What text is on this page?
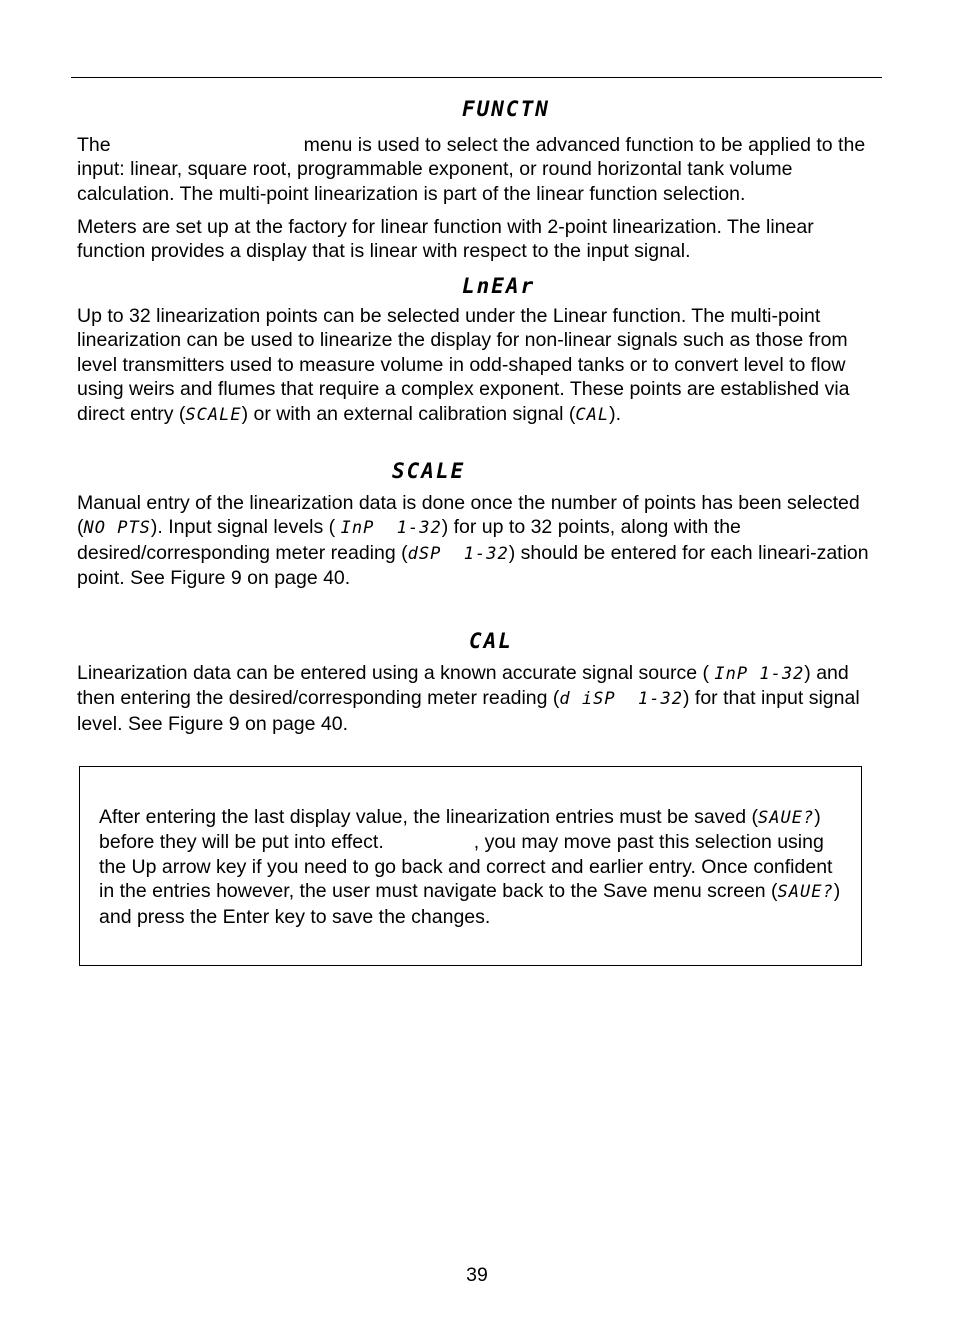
FUNCTN

The	menu is used to select the advanced function to be applied to the input: linear, square root, programmable exponent, or round horizontal tank volume calculation. The multi-point linearization is part of the linear function selection.

Meters are set up at the factory for linear function with 2-point linearization. The linear function provides a display that is linear with respect to the input signal.

LnEAr

Up to 32 linearization points can be selected under the Linear function. The multi-point linearization can be used to linearize the display for non-linear signals such as those from level transmitters used to measure volume in odd-shaped tanks or to convert level to flow using weirs and flumes that require a complex exponent. These points are established via direct entry (SCALE) or with an external calibration signal (CAL).

SCALE

Manual entry of the linearization data is done once the number of points has been selected (NO PTS). Input signal levels ( InP  1-32) for up to 32 points, along with the desired/corresponding meter reading (dSP  1-32) should be entered for each lineari-zation point. See Figure 9 on page 40.

CAL

Linearization data can be entered using a known accurate signal source ( InP 1-32) and then entering the desired/corresponding meter reading (d iSP  1-32) for that input signal level. See Figure 9 on page 40.

After entering the last display value, the linearization entries must be saved (SAUE?) before they will be put into effect.	, you may move past this selection using the Up arrow key if you need to go back and correct and earlier entry. Once confident in the entries however, the user must navigate back to the Save menu screen (SAUE?) and press the Enter key to save the changes.

39
